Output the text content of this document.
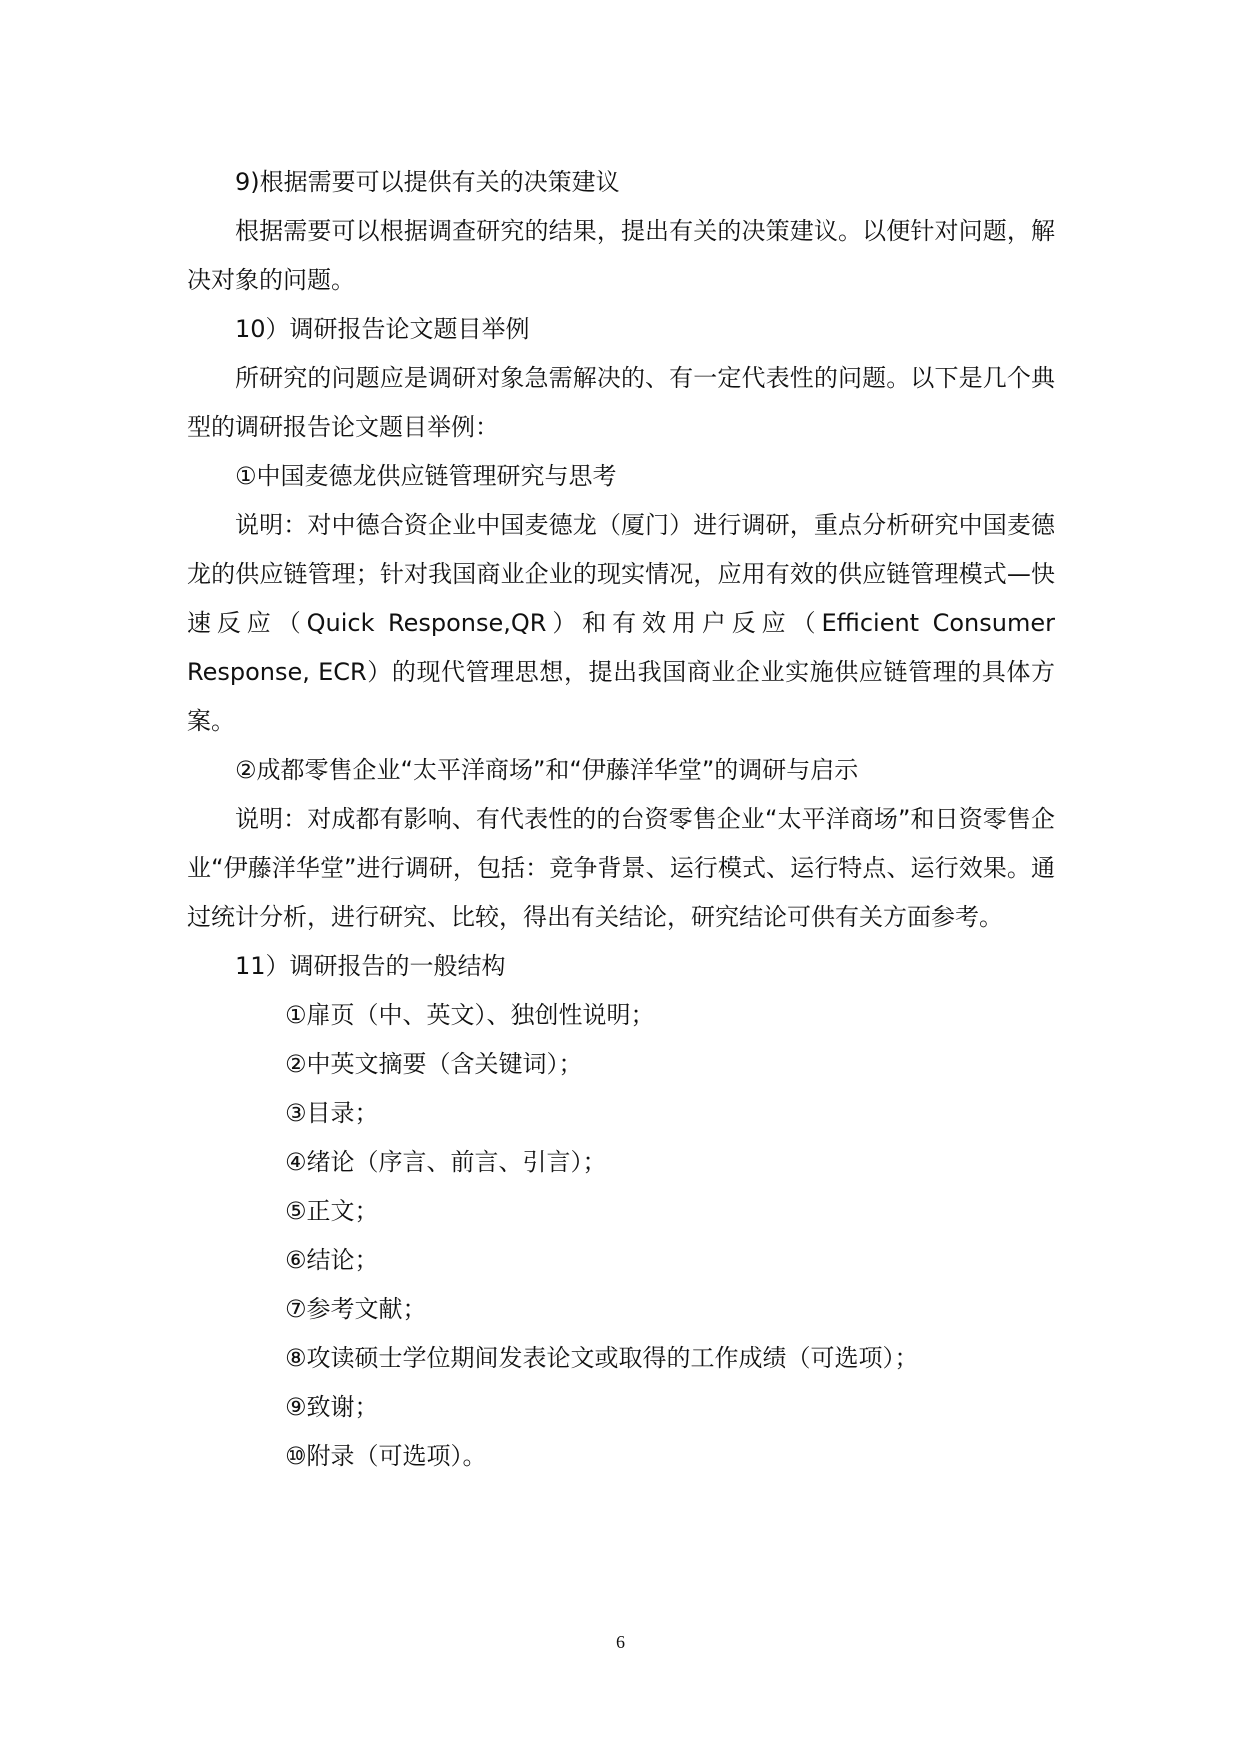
9)根据需要可以提供有关的决策建议

根据需要可以根据调查研究的结果，提出有关的决策建议。以便针对问题，解决对象的问题。

10）调研报告论文题目举例

所研究的问题应是调研对象急需解决的、有一定代表性的问题。以下是几个典型的调研报告论文题目举例：

①中国麦德龙供应链管理研究与思考

说明：对中德合资企业中国麦德龙（厦门）进行调研，重点分析研究中国麦德龙的供应链管理；针对我国商业企业的现实情况，应用有效的供应链管理模式—快速反应（Quick Response,QR）和有效用户反应（Efficient Consumer Response, ECR）的现代管理思想，提出我国商业企业实施供应链管理的具体方案。

②成都零售企业“太平洋商场”和“伊藤洋华堂”的调研与启示

说明：对成都有影响、有代表性的的台资零售企业“太平洋商场”和日资零售企业“伊藤洋华堂”进行调研，包括：竞争背景、运行模式、运行特点、运行效果。通过统计分析，进行研究、比较，得出有关结论，研究结论可供有关方面参考。

11）调研报告的一般结构

①扉页（中、英文）、独创性说明；

②中英文摘要（含关键词）；

③目录；

④绪论（序言、前言、引言）；

⑤正文；

⑥结论；

⑦参考文献；

⑧攻读硕士学位期间发表论文或取得的工作成绩（可选项）；

⑨致谢；

⑩附录（可选项）。

6
